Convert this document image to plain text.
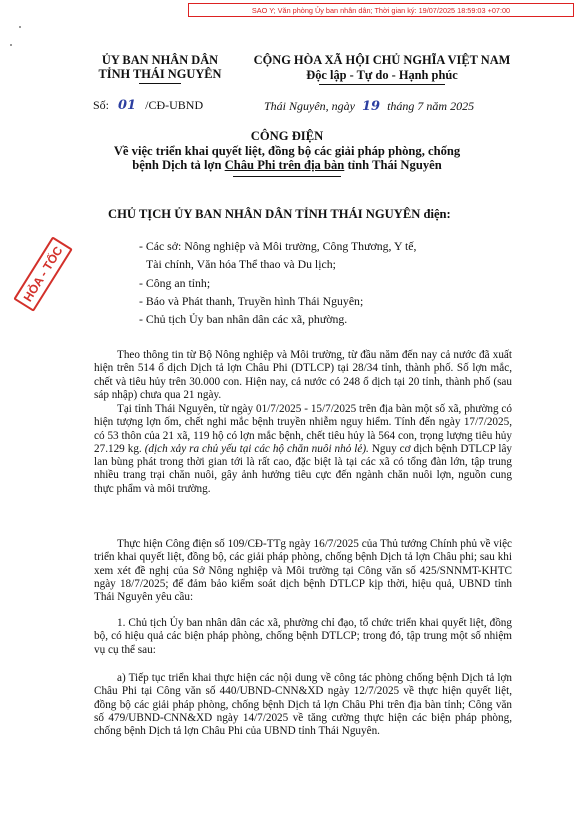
SAO Y; Văn phòng Ủy ban nhân dân; Thời gian ký: 19/07/2025 18:59:03 +07:00
ỦY BAN NHÂN DÂN
TỈNH THÁI NGUYÊN
CỘNG HÒA XÃ HỘI CHỦ NGHĨA VIỆT NAM
Độc lập - Tự do - Hạnh phúc
Số: 01 /CĐ-UBND	Thái Nguyên, ngày 19 tháng 7 năm 2025
CÔNG ĐIỆN
Về việc triển khai quyết liệt, đồng bộ các giải pháp phòng, chống
bệnh Dịch tả lợn Châu Phi trên địa bàn tỉnh Thái Nguyên
CHỦ TỊCH ỦY BAN NHÂN DÂN TỈNH THÁI NGUYÊN điện:
HỎA - TỐC	- Các sở: Nông nghiệp và Môi trường, Công Thương, Y tế,
Tài chính, Văn hóa Thể thao và Du lịch;
- Công an tỉnh;
- Báo và Phát thanh, Truyền hình Thái Nguyên;
- Chủ tịch Ủy ban nhân dân các xã, phường.

Theo thông tin từ Bộ Nông nghiệp và Môi trường, từ đầu năm đến nay cả nước đã xuất hiện trên 514 ổ dịch Dịch tả lợn Châu Phi (DTLCP) tại 28/34 tỉnh, thành phố. Số lợn mắc, chết và tiêu hủy trên 30.000 con. Hiện nay, cả nước có 248 ổ dịch tại 20 tỉnh, thành phố (sau sáp nhập) chưa qua 21 ngày.

Tại tỉnh Thái Nguyên, từ ngày 01/7/2025 - 15/7/2025 trên địa bàn một số xã, phường có hiện tượng lợn ốm, chết nghi mắc bệnh truyền nhiễm nguy hiểm. Tính đến ngày 17/7/2025, có 53 thôn của 21 xã, 119 hộ có lợn mắc bệnh, chết tiêu hủy là 564 con, trọng lượng tiêu hủy 27.129 kg. (dịch xảy ra chủ yếu tại các hộ chăn nuôi nhỏ lẻ). Nguy cơ dịch bệnh DTLCP lây lan bùng phát trong thời gian tới là rất cao, đặc biệt là tại các xã có tổng đàn lớn, tập trung nhiều trang trại chăn nuôi, gây ảnh hưởng tiêu cực đến ngành chăn nuôi lợn, nguồn cung thực phẩm và môi trường.

Thực hiện Công điện số 109/CĐ-TTg ngày 16/7/2025 của Thủ tướng Chính phủ về việc triển khai quyết liệt, đồng bộ, các giải pháp phòng, chống bệnh Dịch tả lợn Châu phi; sau khi xem xét đề nghị của Sở Nông nghiệp và Môi trường tại Công văn số 425/SNNMT-KHTC ngày 18/7/2025; để đảm bảo kiểm soát dịch bệnh DTLCP kịp thời, hiệu quả, UBND tỉnh Thái Nguyên yêu cầu:

1. Chủ tịch Ủy ban nhân dân các xã, phường chỉ đạo, tổ chức triển khai quyết liệt, đồng bộ, có hiệu quả các biện pháp phòng, chống bệnh DTLCP; trong đó, tập trung một số nhiệm vụ cụ thể sau:

a) Tiếp tục triển khai thực hiện các nội dung về công tác phòng chống bệnh Dịch tả lợn Châu Phi tại Công văn số 440/UBND-CNN&XD ngày 12/7/2025 về thực hiện quyết liệt, đồng bộ các giải pháp phòng, chống bệnh Dịch tả lợn Châu Phi trên địa bàn tỉnh; Công văn số 479/UBND-CNN&XD ngày 14/7/2025 về tăng cường thực hiện các biện pháp phòng, chống bệnh Dịch tả lợn Châu Phi của UBND tỉnh Thái Nguyên.
